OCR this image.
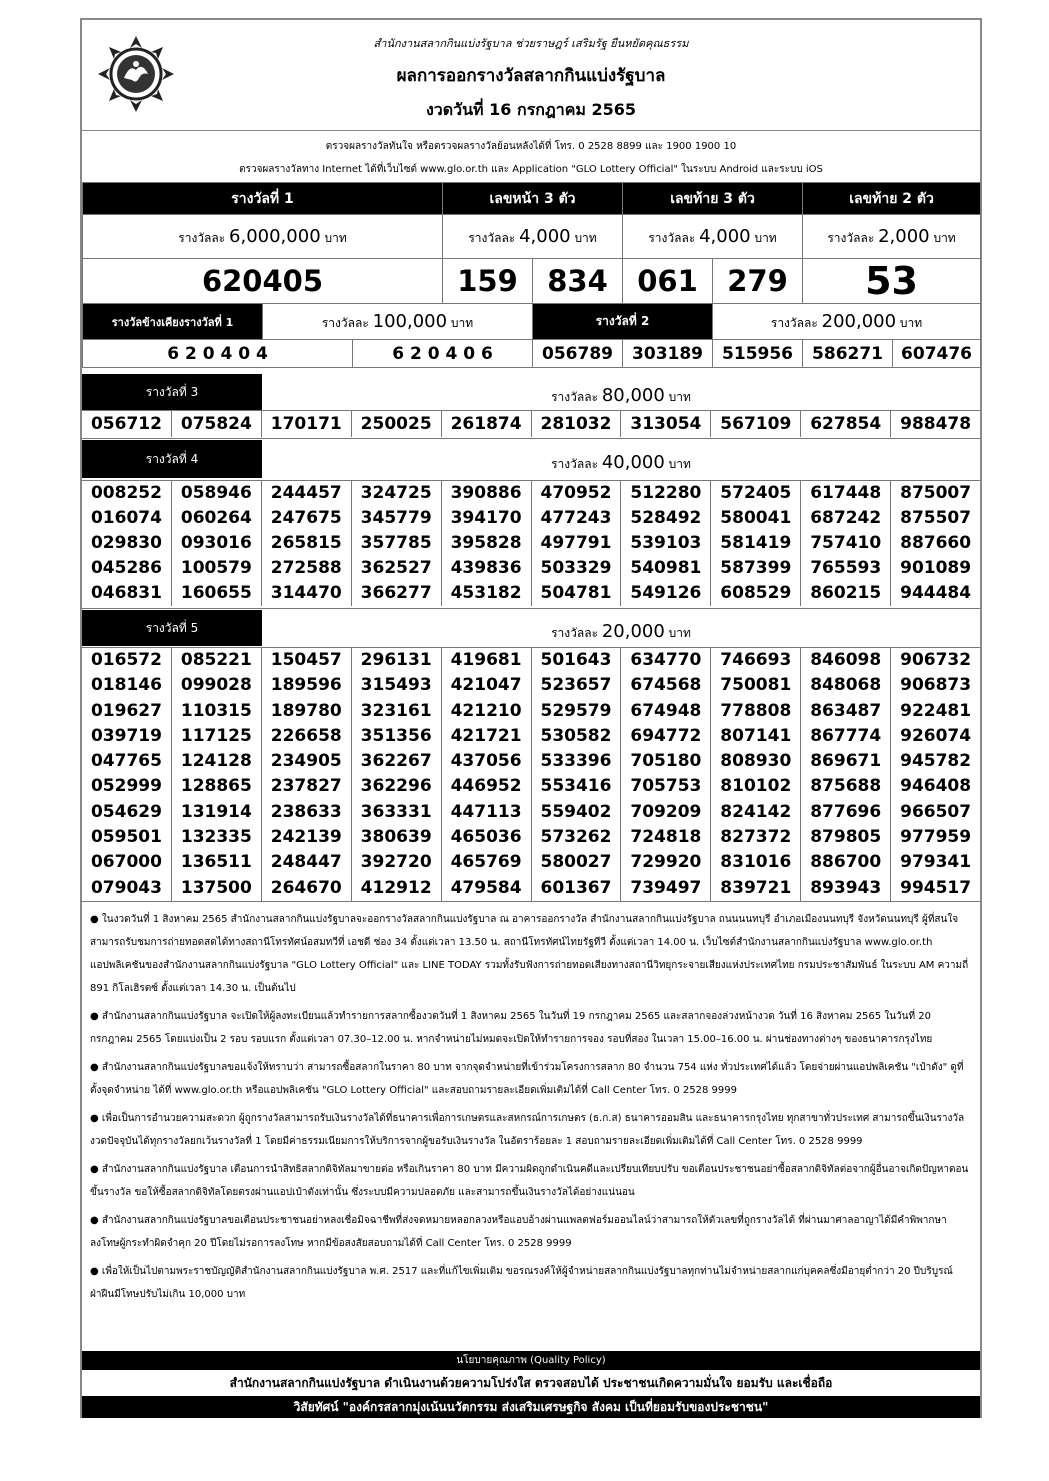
สำนักงานสลากกินแบ่งรัฐบาล ช่วยราษฎร์ เสริมรัฐ ยืนหยัดคุณธรรม
ผลการออกรางวัลสลากกินแบ่งรัฐบาล
งวดวันที่ 16 กรกฎาคม 2565
ตรวจผลรางวัลทันใจ หรือตรวจผลรางวัลย้อนหลังได้ที่ โทร. 0 2528 8899 และ 1900 1900 10
ตรวจผลรางวัลทาง Internet ได้ที่เว็บไซต์ www.glo.or.th และ Application "GLO Lottery Official" ในระบบ Android และระบบ iOS
รางวัลที่ 1	เลขหน้า 3 ตัว		เลขท้าย 3 ตัว		เลขท้าย 2 ตัว
รางวัลละ 6,000,000 บาท	รางวัลละ 4,000 บาท		รางวัลละ 4,000 บาท		รางวัลละ 2,000 บาท
620405	159	834	061	279	53
รางวัลข้างเคียงรางวัลที่ 1	รางวัลละ 100,000 บาท		รางวัลที่ 2		รางวัลละ 200,000 บาท		
6 2 0 4 0 4		6 2 0 4 0 6	056789	303189	515956	586271	607476
รางวัลที่ 3	รางวัลละ 80,000 บาท
056712	075824	170171	250025	261874	281032	313054	567109	627854	988478
รางวัลที่ 4	รางวัลละ 40,000 บาท
008252	058946	244457	324725	390886	470952	512280	572405	617448	875007
016074	060264	247675	345779	394170	477243	528492	580041	687242	875507
029830	093016	265815	357785	395828	497791	539103	581419	757410	887660
045286	100579	272588	362527	439836	503329	540981	587399	765593	901089
046831	160655	314470	366277	453182	504781	549126	608529	860215	944484
รางวัลที่ 5	รางวัลละ 20,000 บาท
016572	085221	150457	296131	419681	501643	634770	746693	846098	906732
018146	099028	189596	315493	421047	523657	674568	750081	848068	906873
019627	110315	189780	323161	421210	529579	674948	778808	863487	922481
039719	117125	226658	351356	421721	530582	694772	807141	867774	926074
047765	124128	234905	362267	437056	533396	705180	808930	869671	945782
052999	128865	237827	362296	446952	553416	705753	810102	875688	946408
054629	131914	238633	363331	447113	559402	709209	824142	877696	966507
059501	132335	242139	380639	465036	573262	724818	827372	879805	977959
067000	136511	248447	392720	465769	580027	729920	831016	886700	979341
079043	137500	264670	412912	479584	601367	739497	839721	893943	994517

● ในงวดวันที่ 1 สิงหาคม 2565 สำนักงานสลากกินแบ่งรัฐบาลจะออกรางวัลสลากกินแบ่งรัฐบาล ณ อาคารออกรางวัล สำนักงานสลากกินแบ่งรัฐบาล ถนนนนทบุรี อำเภอเมืองนนทบุรี จังหวัดนนทบุรี ผู้ที่สนใจสามารถรับชมการถ่ายทอดสดได้ทางสถานีโทรทัศน์อสมทวีที่ เอชดี ช่อง 34 ตั้งแต่เวลา 13.50 น. สถานีโทรทัศน์ไทยรัฐทีวี ตั้งแต่เวลา 14.00 น. เว็บไซต์สำนักงานสลากกินแบ่งรัฐบาล www.glo.or.th แอปพลิเคชันของสำนักงานสลากกินแบ่งรัฐบาล "GLO Lottery Official" และ LINE TODAY รวมทั้งรับฟังการถ่ายทอดเสียงทางสถานีวิทยุกระจายเสียงแห่งประเทศไทย กรมประชาสัมพันธ์ ในระบบ AM ความถี่ 891 กิโลเฮิรตซ์ ตั้งแต่เวลา 14.30 น. เป็นต้นไป

● สำนักงานสลากกินแบ่งรัฐบาล จะเปิดให้ผู้ลงทะเบียนแล้วทำรายการสลากซื้องวดวันที่ 1 สิงหาคม 2565 ในวันที่ 19 กรกฎาคม 2565 และสลากจองล่วงหน้างวด วันที่ 16 สิงหาคม 2565 ในวันที่ 20 กรกฎาคม 2565 โดยแบ่งเป็น 2 รอบ รอบแรก ตั้งแต่เวลา 07.30–12.00 น. หากจำหน่ายไม่หมดจะเปิดให้ทำรายการจอง รอบที่สอง ในเวลา 15.00–16.00 น. ผ่านช่องทางต่างๆ ของธนาคารกรุงไทย

● สำนักงานสลากกินแบ่งรัฐบาลขอแจ้งให้ทราบว่า สามารถซื้อสลากในราคา 80 บาท จากจุดจำหน่ายที่เข้าร่วมโครงการสลาก 80 จำนวน 754 แห่ง ทั่วประเทศได้แล้ว โดยจ่ายผ่านแอปพลิเคชัน "เป๋าตัง" ดูที่ตั้งจุดจำหน่าย ได้ที่ www.glo.or.th หรือแอปพลิเคชัน "GLO Lottery Official" และสอบถามรายละเอียดเพิ่มเติมได้ที่ Call Center โทร. 0 2528 9999

● เพื่อเป็นการอำนวยความสะดวก ผู้ถูกรางวัลสามารถรับเงินรางวัลได้ที่ธนาคารเพื่อการเกษตรและสหกรณ์การเกษตร (ธ.ก.ส) ธนาคารออมสิน และธนาคารกรุงไทย ทุกสาขาทั่วประเทศ สามารถขึ้นเงินรางวัลงวดปัจจุบันได้ทุกรางวัลยกเว้นรางวัลที่ 1 โดยมีค่าธรรมเนียมการให้บริการจากผู้ขอรับเงินรางวัล ในอัตราร้อยละ 1 สอบถามรายละเอียดเพิ่มเติมได้ที่ Call Center โทร. 0 2528 9999

● สำนักงานสลากกินแบ่งรัฐบาล เตือนการนำสิทธิสลากดิจิทัลมาขายต่อ หรือเกินราคา 80 บาท มีความผิดถูกดำเนินคดีและเปรียบเทียบปรับ ขอเตือนประชาชนอย่าซื้อสลากดิจิทัลต่อจากผู้อื่นอาจเกิดปัญหาตอนขึ้นรางวัล ขอให้ซื้อสลากดิจิทัลโดยตรงผ่านแอปเป๋าตังเท่านั้น ซึ่งระบบมีความปลอดภัย และสามารถขึ้นเงินรางวัลได้อย่างแน่นอน

● สำนักงานสลากกินแบ่งรัฐบาลขอเตือนประชาชนอย่าหลงเชื่อมิจฉาชีพที่ส่งจดหมายหลอกลวงหรือแอบอ้างผ่านแพลตฟอร์มออนไลน์ว่าสามารถให้ตัวเลขที่ถูกรางวัลได้ ที่ผ่านมาศาลอาญาได้มีคำพิพากษาลงโทษผู้กระทำผิดจำคุก 20 ปีโดยไม่รอการลงโทษ หากมีข้อสงสัยสอบถามได้ที่ Call Center โทร. 0 2528 9999

● เพื่อให้เป็นไปตามพระราชบัญญัติสำนักงานสลากกินแบ่งรัฐบาล พ.ศ. 2517 และที่แก้ไขเพิ่มเติม ขอรณรงค์ให้ผู้จำหน่ายสลากกินแบ่งรัฐบาลทุกท่านไม่จำหน่ายสลากแก่บุคคลซึ่งมีอายุต่ำกว่า 20 ปีบริบูรณ์ ฝ่าฝืนมีโทษปรับไม่เกิน 10,000 บาท

นโยบายคุณภาพ (Quality Policy)
สำนักงานสลากกินแบ่งรัฐบาล ดำเนินงานด้วยความโปร่งใส ตรวจสอบได้ ประชาชนเกิดความมั่นใจ ยอมรับ และเชื่อถือ
วิสัยทัศน์ "องค์กรสลากมุ่งเน้นนวัตกรรม ส่งเสริมเศรษฐกิจ สังคม เป็นที่ยอมรับของประชาชน"
